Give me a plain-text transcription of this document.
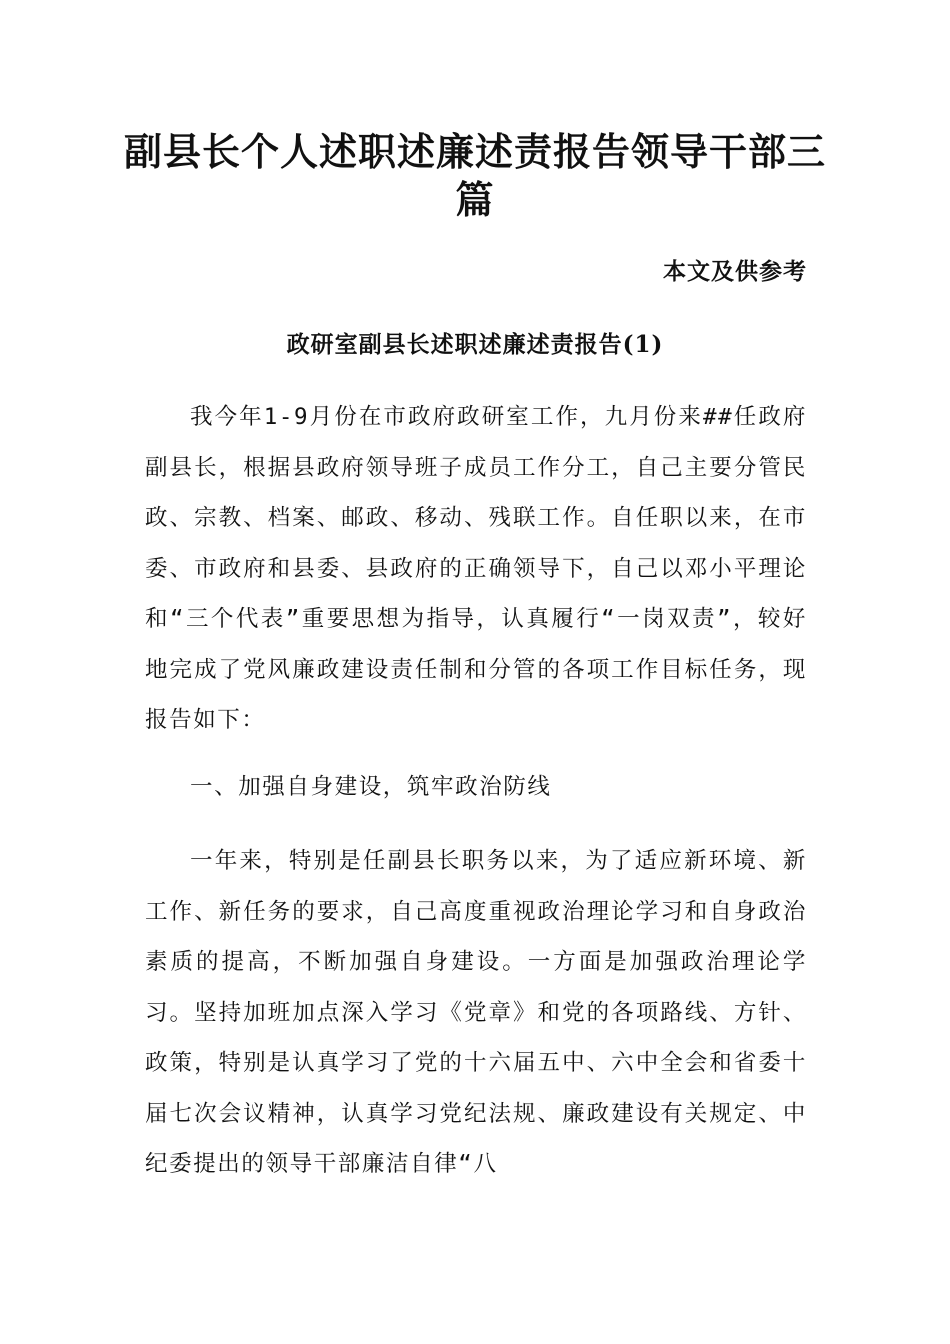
副县长个人述职述廉述责报告领导干部三篇

本文及供参考

政研室副县长述职述廉述责报告(1)

我今年1-9月份在市政府政研室工作，九月份来##任政府副县长，根据县政府领导班子成员工作分工，自己主要分管民政、宗教、档案、邮政、移动、残联工作。自任职以来，在市委、市政府和县委、县政府的正确领导下，自己以邓小平理论和“三个代表”重要思想为指导，认真履行“一岗双责”，较好地完成了党风廉政建设责任制和分管的各项工作目标任务，现报告如下：

一、加强自身建设，筑牢政治防线

一年来，特别是任副县长职务以来，为了适应新环境、新工作、新任务的要求，自己高度重视政治理论学习和自身政治素质的提高，不断加强自身建设。一方面是加强政治理论学习。坚持加班加点深入学习《党章》和党的各项路线、方针、政策，特别是认真学习了党的十六届五中、六中全会和省委十届七次会议精神，认真学习党纪法规、廉政建设有关规定、中纪委提出的领导干部廉洁自律“八
